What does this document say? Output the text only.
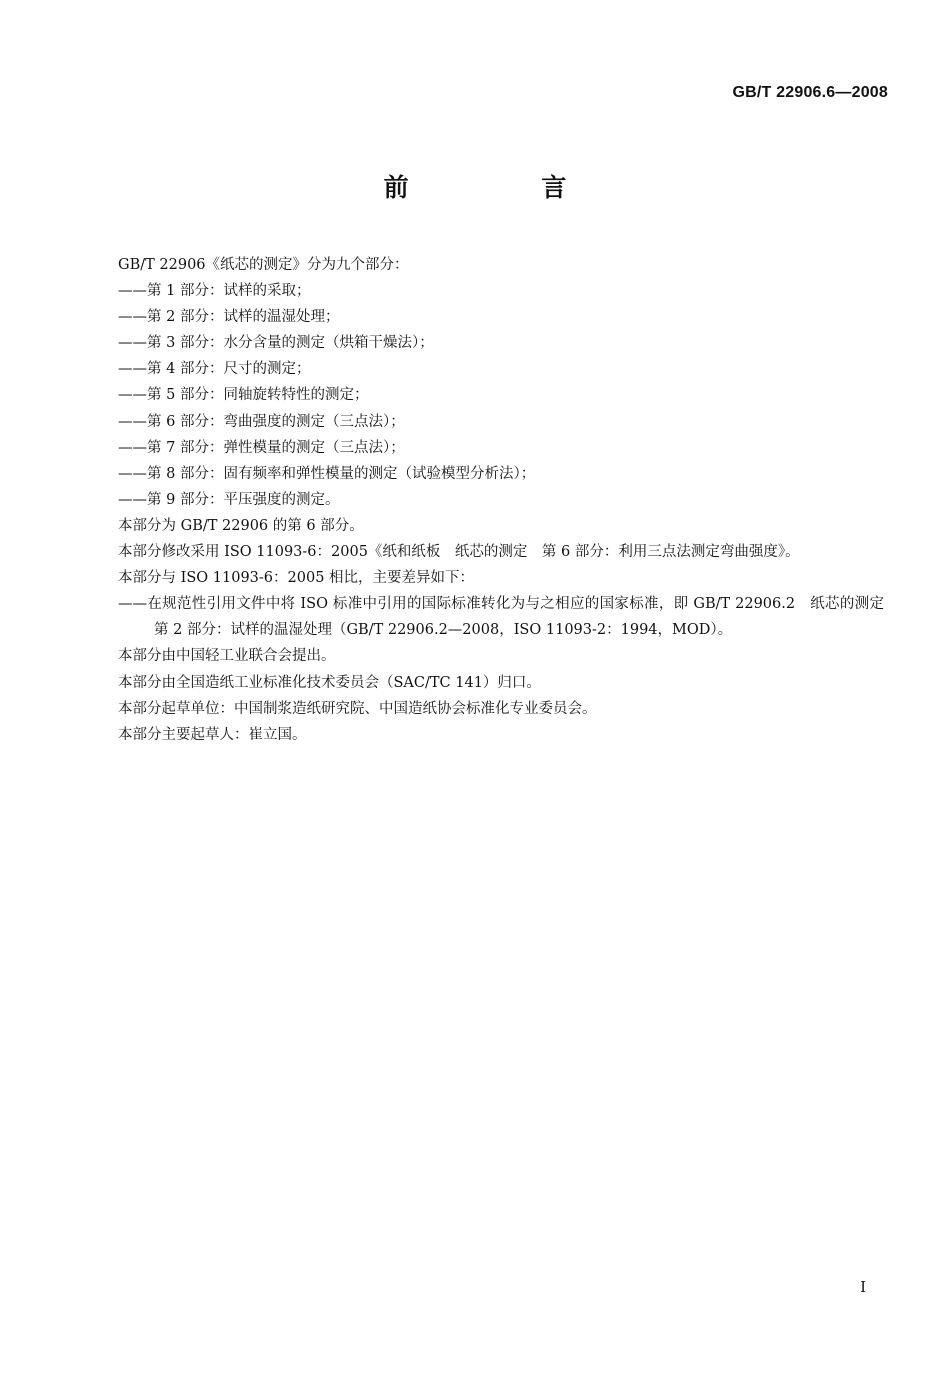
GB/T 22906.6—2008
前 言

GB/T 22906《纸芯的测定》分为九个部分：

——第 1 部分：试样的采取；

——第 2 部分：试样的温湿处理；

——第 3 部分：水分含量的测定（烘箱干燥法）；

——第 4 部分：尺寸的测定；

——第 5 部分：同轴旋转特性的测定；

——第 6 部分：弯曲强度的测定（三点法）；

——第 7 部分：弹性模量的测定（三点法）；

——第 8 部分：固有频率和弹性模量的测定（试验模型分析法）；

——第 9 部分：平压强度的测定。

本部分为 GB/T 22906 的第 6 部分。

本部分修改采用 ISO 11093-6：2005《纸和纸板　纸芯的测定　第 6 部分：利用三点法测定弯曲强度》。

本部分与 ISO 11093-6：2005 相比，主要差异如下：

——在规范性引用文件中将 ISO 标准中引用的国际标准转化为与之相应的国家标准，即 GB/T 22906.2　纸芯的测定　第 2 部分：试样的温湿处理（GB/T 22906.2—2008，ISO 11093-2：1994，MOD）。

本部分由中国轻工业联合会提出。

本部分由全国造纸工业标准化技术委员会（SAC/TC 141）归口。

本部分起草单位：中国制浆造纸研究院、中国造纸协会标准化专业委员会。

本部分主要起草人：崔立国。

I
